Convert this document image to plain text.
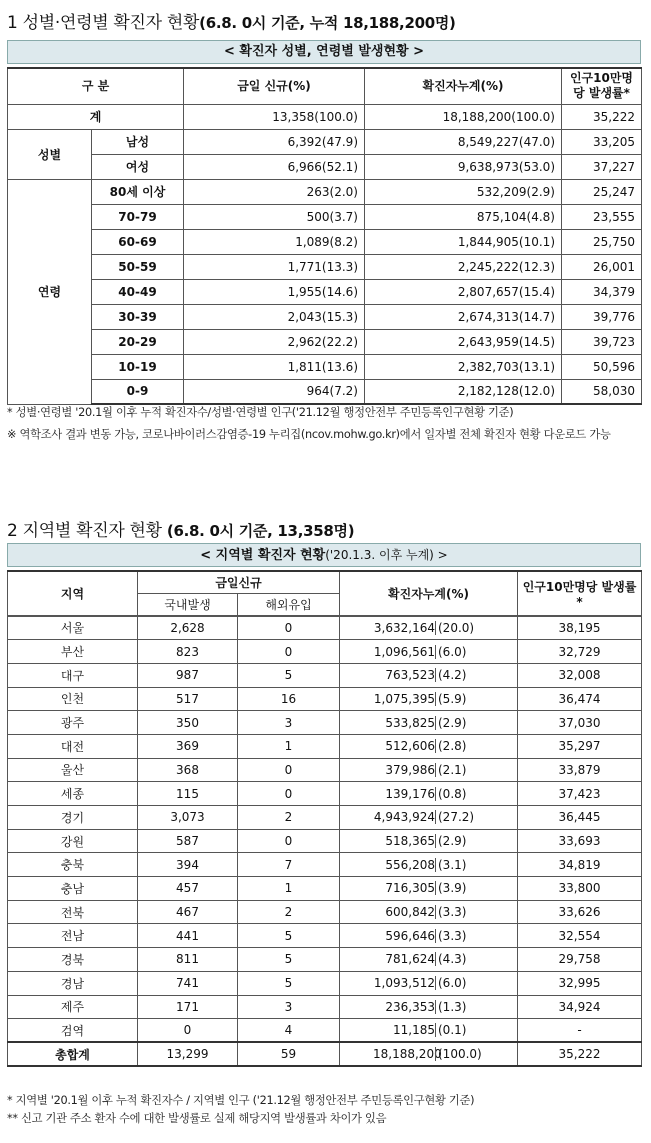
1 성별·연령별 확진자 현황(6.8. 0시 기준, 누적 18,188,200명)
< 확진자 성별, 연령별 발생현황 >
구 분		금일 신규(%)	확진자누계(%)	인구10만명당 발생률*
계		13,358(100.0)	18,188,200(100.0)	35,222
성별	남성	6,392(47.9)	8,549,227(47.0)	33,205
	여성	6,966(52.1)	9,638,973(53.0)	37,227
연령	80세 이상	263(2.0)	532,209(2.9)	25,247
	70-79	500(3.7)	875,104(4.8)	23,555
	60-69	1,089(8.2)	1,844,905(10.1)	25,750
	50-59	1,771(13.3)	2,245,222(12.3)	26,001
	40-49	1,955(14.6)	2,807,657(15.4)	34,379
	30-39	2,043(15.3)	2,674,313(14.7)	39,776
	20-29	2,962(22.2)	2,643,959(14.5)	39,723
	10-19	1,811(13.6)	2,382,703(13.1)	50,596
	0-9	964(7.2)	2,182,128(12.0)	58,030
* 성별·연령별 '20.1월 이후 누적 확진자수/성별·연령별 인구('21.12월 행정안전부 주민등록인구현황 기준)
※ 역학조사 결과 변동 가능, 코로나바이러스감염증-19 누리집(ncov.mohw.go.kr)에서 일자별 전체 확진자 현황 다운로드 가능
2 지역별 확진자 현황 (6.8. 0시 기준, 13,358명)
< 지역별 확진자 현황('20.1.3. 이후 누계) >
지역	금일신규		확진자누계(%)	인구10만명당 발생률*
	국내발생	해외유입		
서울	2,628	0	3,632,164 (20.0)	38,195
부산	823	0	1,096,561 (6.0)	32,729
대구	987	5	763,523 (4.2)	32,008
인천	517	16	1,075,395 (5.9)	36,474
광주	350	3	533,825 (2.9)	37,030
대전	369	1	512,606 (2.8)	35,297
울산	368	0	379,986 (2.1)	33,879
세종	115	0	139,176 (0.8)	37,423
경기	3,073	2	4,943,924 (27.2)	36,445
강원	587	0	518,365 (2.9)	33,693
충북	394	7	556,208 (3.1)	34,819
충남	457	1	716,305 (3.9)	33,800
전북	467	2	600,842 (3.3)	33,626
전남	441	5	596,646 (3.3)	32,554
경북	811	5	781,624 (4.3)	29,758
경남	741	5	1,093,512 (6.0)	32,995
제주	171	3	236,353 (1.3)	34,924
검역	0	4	11,185 (0.1)	-
총합계	13,299	59	18,188,200(100.0)	35,222
* 지역별 '20.1월 이후 누적 확진자수 / 지역별 인구 ('21.12월 행정안전부 주민등록인구현황 기준)
** 신고 기관 주소 환자 수에 대한 발생률로 실제 해당지역 발생률과 차이가 있음
